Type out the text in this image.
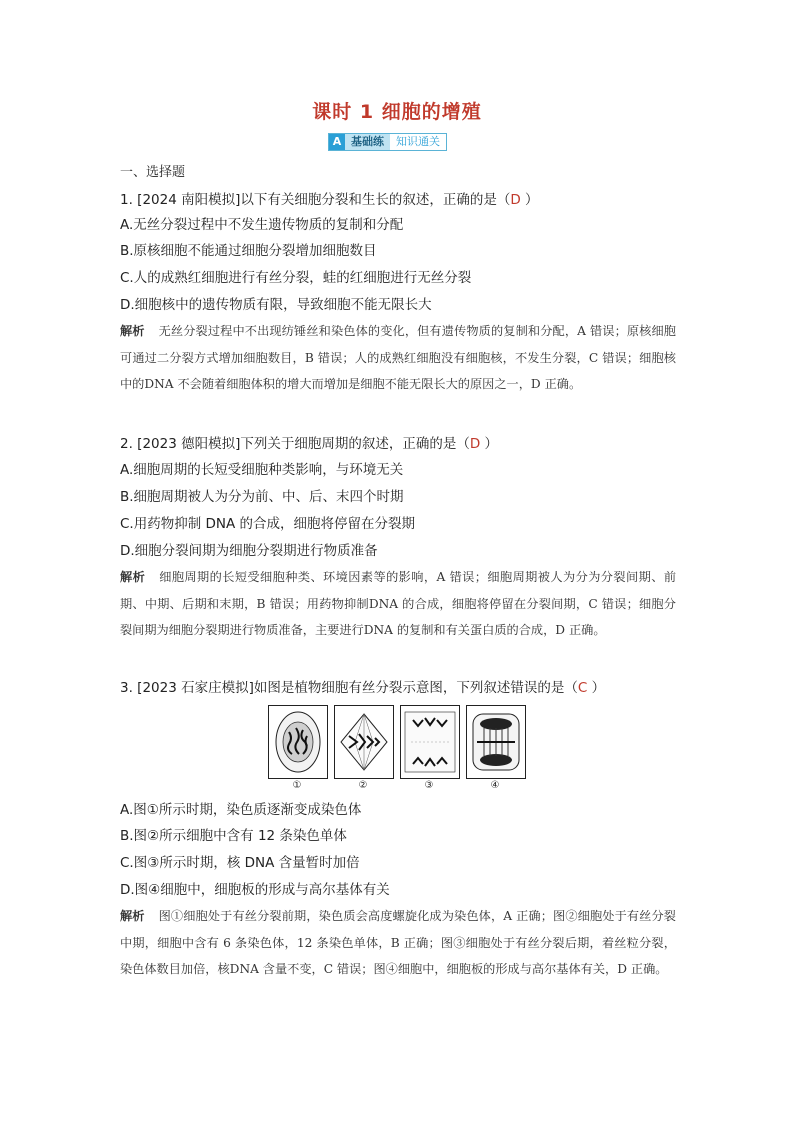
课时 1 细胞的增殖
A 基础练	知识通关
一、选择题
1. [2024 南阳模拟]以下有关细胞分裂和生长的叙述，正确的是（D ）
A.无丝分裂过程中不发生遗传物质的复制和分配
B.原核细胞不能通过细胞分裂增加细胞数目
C.人的成熟红细胞进行有丝分裂，蛙的红细胞进行无丝分裂
D.细胞核中的遗传物质有限，导致细胞不能无限长大
解析 无丝分裂过程中不出现纺锤丝和染色体的变化，但有遗传物质的复制和分配，A 错误；原核细胞可通过二分裂方式增加细胞数目，B 错误；人的成熟红细胞没有细胞核，不发生分裂，C 错误；细胞核中的DNA 不会随着细胞体积的增大而增加是细胞不能无限长大的原因之一，D 正确。
2. [2023 德阳模拟]下列关于细胞周期的叙述，正确的是（D ）
A.细胞周期的长短受细胞种类影响，与环境无关
B.细胞周期被人为分为前、中、后、末四个时期
C.用药物抑制 DNA 的合成，细胞将停留在分裂期
D.细胞分裂间期为细胞分裂期进行物质准备
解析 细胞周期的长短受细胞种类、环境因素等的影响，A 错误；细胞周期被人为分为分裂间期、前期、中期、后期和末期，B 错误；用药物抑制DNA 的合成，细胞将停留在分裂间期，C 错误；细胞分裂间期为细胞分裂期进行物质准备，主要进行DNA 的复制和有关蛋白质的合成，D 正确。
3. [2023 石家庄模拟]如图是植物细胞有丝分裂示意图，下列叙述错误的是（C ）
①	②	③	④
A.图①所示时期，染色质逐渐变成染色体
B.图②所示细胞中含有 12 条染色单体
C.图③所示时期，核 DNA 含量暂时加倍
D.图④细胞中，细胞板的形成与高尔基体有关
解析 图①细胞处于有丝分裂前期，染色质会高度螺旋化成为染色体，A 正确；图②细胞处于有丝分裂中期，细胞中含有 6 条染色体，12 条染色单体，B 正确；图③细胞处于有丝分裂后期，着丝粒分裂，染色体数目加倍，核DNA 含量不变，C 错误；图④细胞中，细胞板的形成与高尔基体有关，D 正确。
